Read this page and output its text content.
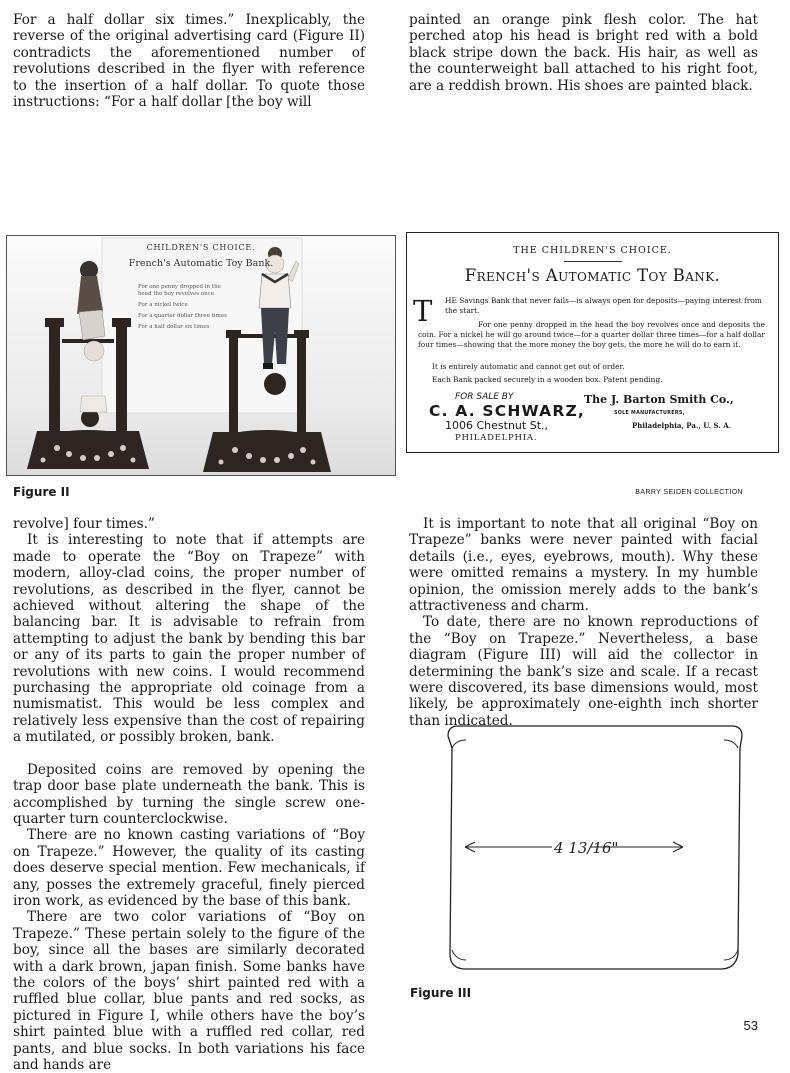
For a half dollar six times.” Inexplicably, the reverse of the original advertising card (Figure II) contradicts the aforementioned number of revolutions described in the flyer with reference to the insertion of a half dollar. To quote those instructions: “For a half dollar [the boy will

painted an orange pink flesh color. The hat perched atop his head is bright red with a bold black stripe down the back. His hair, as well as the counterweight ball attached to his right foot, are a reddish brown. His shoes are painted black.

CHILDREN'S CHOICE.
French's Automatic Toy Bank.
For one penny dropped in the head the boy revolves once.
For a nickel twice
For a quarter dollar three times
For a half dollar six times
THE CHILDREN'S CHOICE.
French's Automatic Toy Bank.
T HE Savings Bank that never fails—is always open for deposits—paying interest from the start.
For one penny dropped in the head the boy revolves once and deposits the coin. For a nickel he will go around twice—for a quarter dollar three times—for a half dollar four times—showing that the more money the boy gets, the more he will do to earn it.
It is entirely automatic and cannot get out of order.
Each Bank packed securely in a wooden box. Patent pending.
FOR SALE BY
C. A. SCHWARZ,
1006 Chestnut St.,
PHILADELPHIA.
The J. Barton Smith Co.,
SOLE MANUFACTURERS,
Philadelphia, Pa., U. S. A.
Figure II	BARRY SEIDEN COLLECTION

revolve] four times.”

It is interesting to note that if attempts are made to operate the “Boy on Trapeze” with modern, alloy-clad coins, the proper number of revolutions, as described in the flyer, cannot be achieved without altering the shape of the balancing bar. It is advisable to refrain from attempting to adjust the bank by bending this bar or any of its parts to gain the proper number of revolutions with new coins. I would recommend purchasing the appropriate old coinage from a numismatist. This would be less complex and relatively less expensive than the cost of repairing a mutilated, or possibly broken, bank.

Deposited coins are removed by opening the trap door base plate underneath the bank. This is accomplished by turning the single screw one-quarter turn counterclockwise.

There are no known casting variations of “Boy on Trapeze.” However, the quality of its casting does deserve special mention. Few mechanicals, if any, posses the extremely graceful, finely pierced iron work, as evidenced by the base of this bank.

There are two color variations of “Boy on Trapeze.” These pertain solely to the figure of the boy, since all the bases are similarly decorated with a dark brown, japan finish. Some banks have the colors of the boys’ shirt painted red with a ruffled blue collar, blue pants and red socks, as pictured in Figure I, while others have the boy’s shirt painted blue with a ruffled red collar, red pants, and blue socks. In both variations his face and hands are

It is important to note that all original “Boy on Trapeze” banks were never painted with facial details (i.e., eyes, eyebrows, mouth). Why these were omitted remains a mystery. In my humble opinion, the omission merely adds to the bank’s attractiveness and charm.

To date, there are no known reproductions of the “Boy on Trapeze.” Nevertheless, a base diagram (Figure III) will aid the collector in determining the bank’s size and scale. If a recast were discovered, its base dimensions would, most likely, be approximately one-eighth inch shorter than indicated.

4 13/16"
Figure III
53
